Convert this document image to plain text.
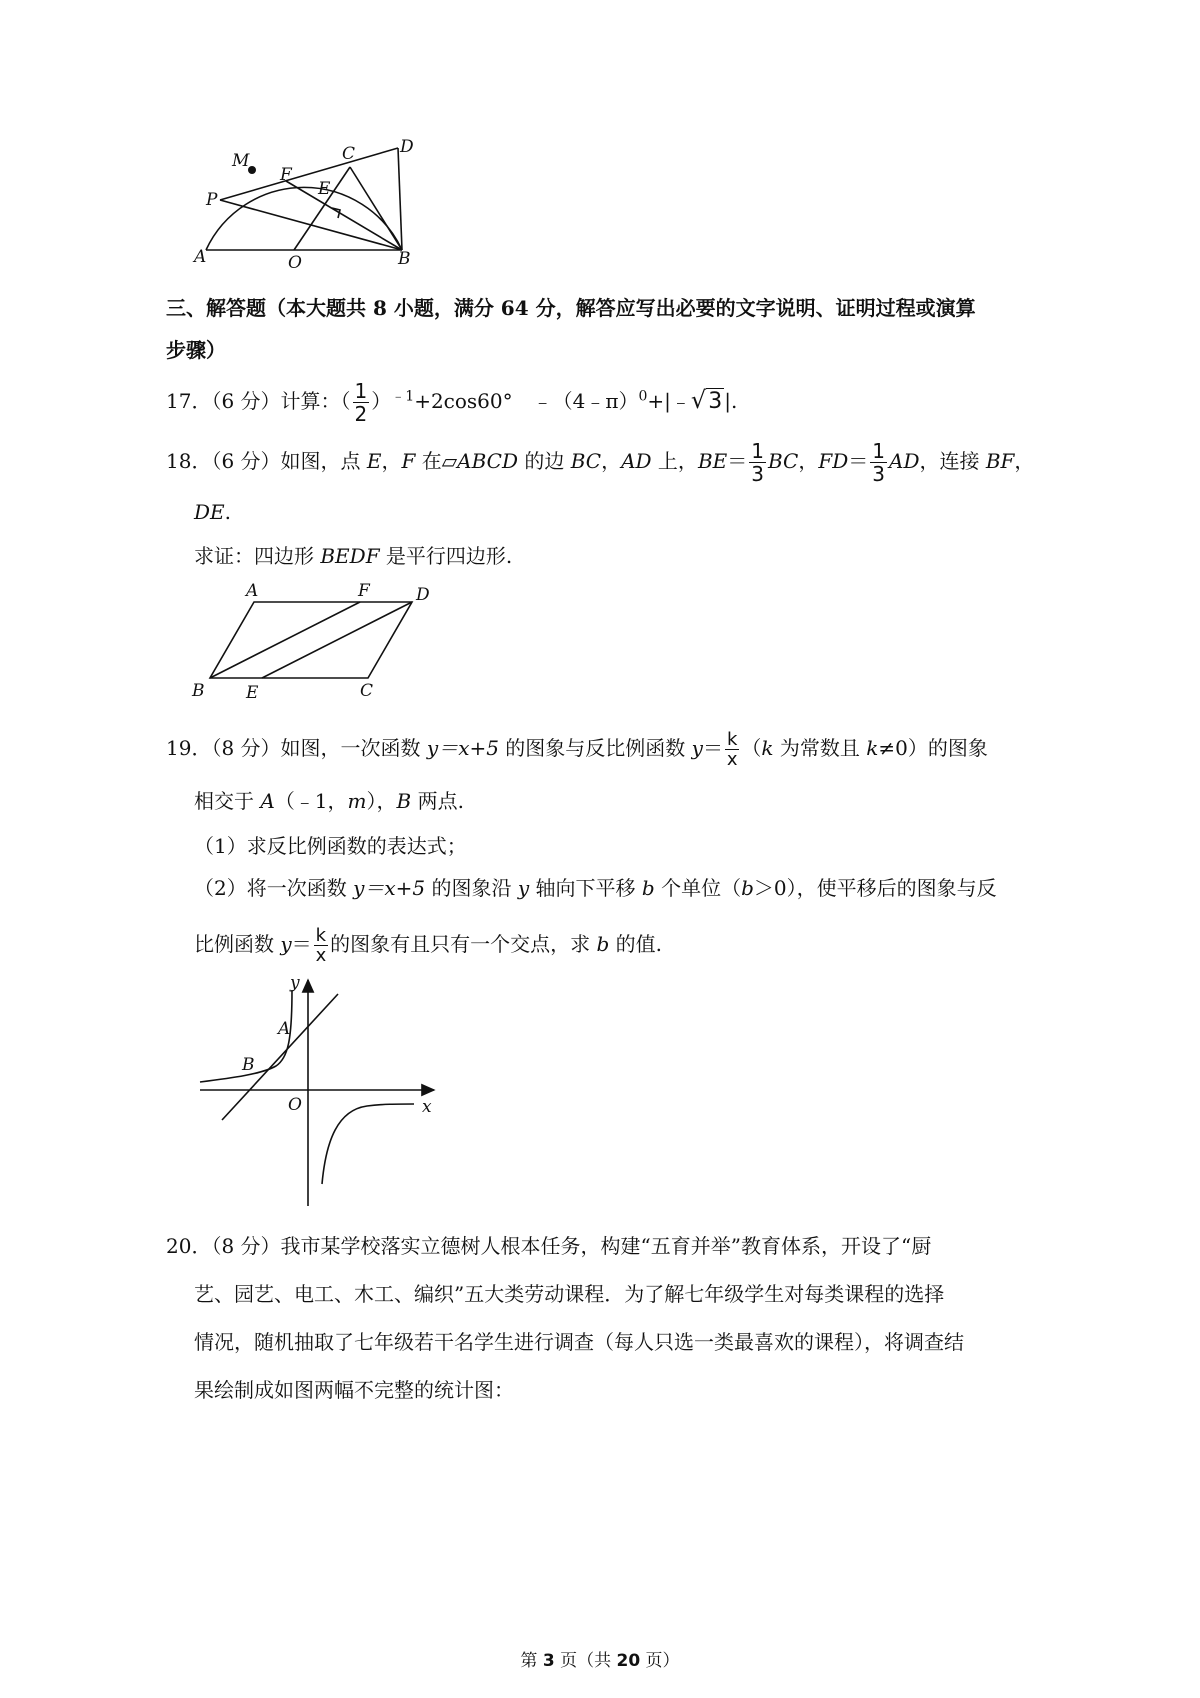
M	C	D
F
E
P
A	O	B
三、解答题（本大题共 8 小题，满分 64 分，解答应写出必要的文字说明、证明过程或演算
步骤）
17．（6 分）计算：（ $\frac{1}{2} )^{﹣1}+2\cos 60^\circ$　﹣（4﹣π）$^0$+|﹣√3 |.
18．（6 分）如图，点 E，F 在▱ABCD 的边 BC，AD 上，$BE= \frac{1}{3}$ BC，$FD= \frac{1}{3}$ AD，连接 BF，
DE.
求证：四边形 BEDF 是平行四边形.
A	F	D
B E	C
19．（8 分）如图，一次函数 y＝x+5 的图象与反比例函数 $y= \frac{k}{x} (k$ 为常数且 k≠0）的图象
相交于 A（﹣1，m），B 两点.
（1）求反比例函数的表达式；
（2）将一次函数 y＝x+5 的图象沿 y 轴向下平移 b 个单位（b＞0），使平移后的图象与反
比例函数 $y= \frac{k}{x}$ 的图象有且只有一个交点，求 b 的值.
y
A
B
O	x
20．（8 分）我市某学校落实立德树人根本任务，构建“五育并举”教育体系，开设了“厨
艺、园艺、电工、木工、编织”五大类劳动课程．为了解七年级学生对每类课程的选择
情况，随机抽取了七年级若干名学生进行调查（每人只选一类最喜欢的课程），将调查结
果绘制成如图两幅不完整的统计图：
第 3 页（共 20 页）
